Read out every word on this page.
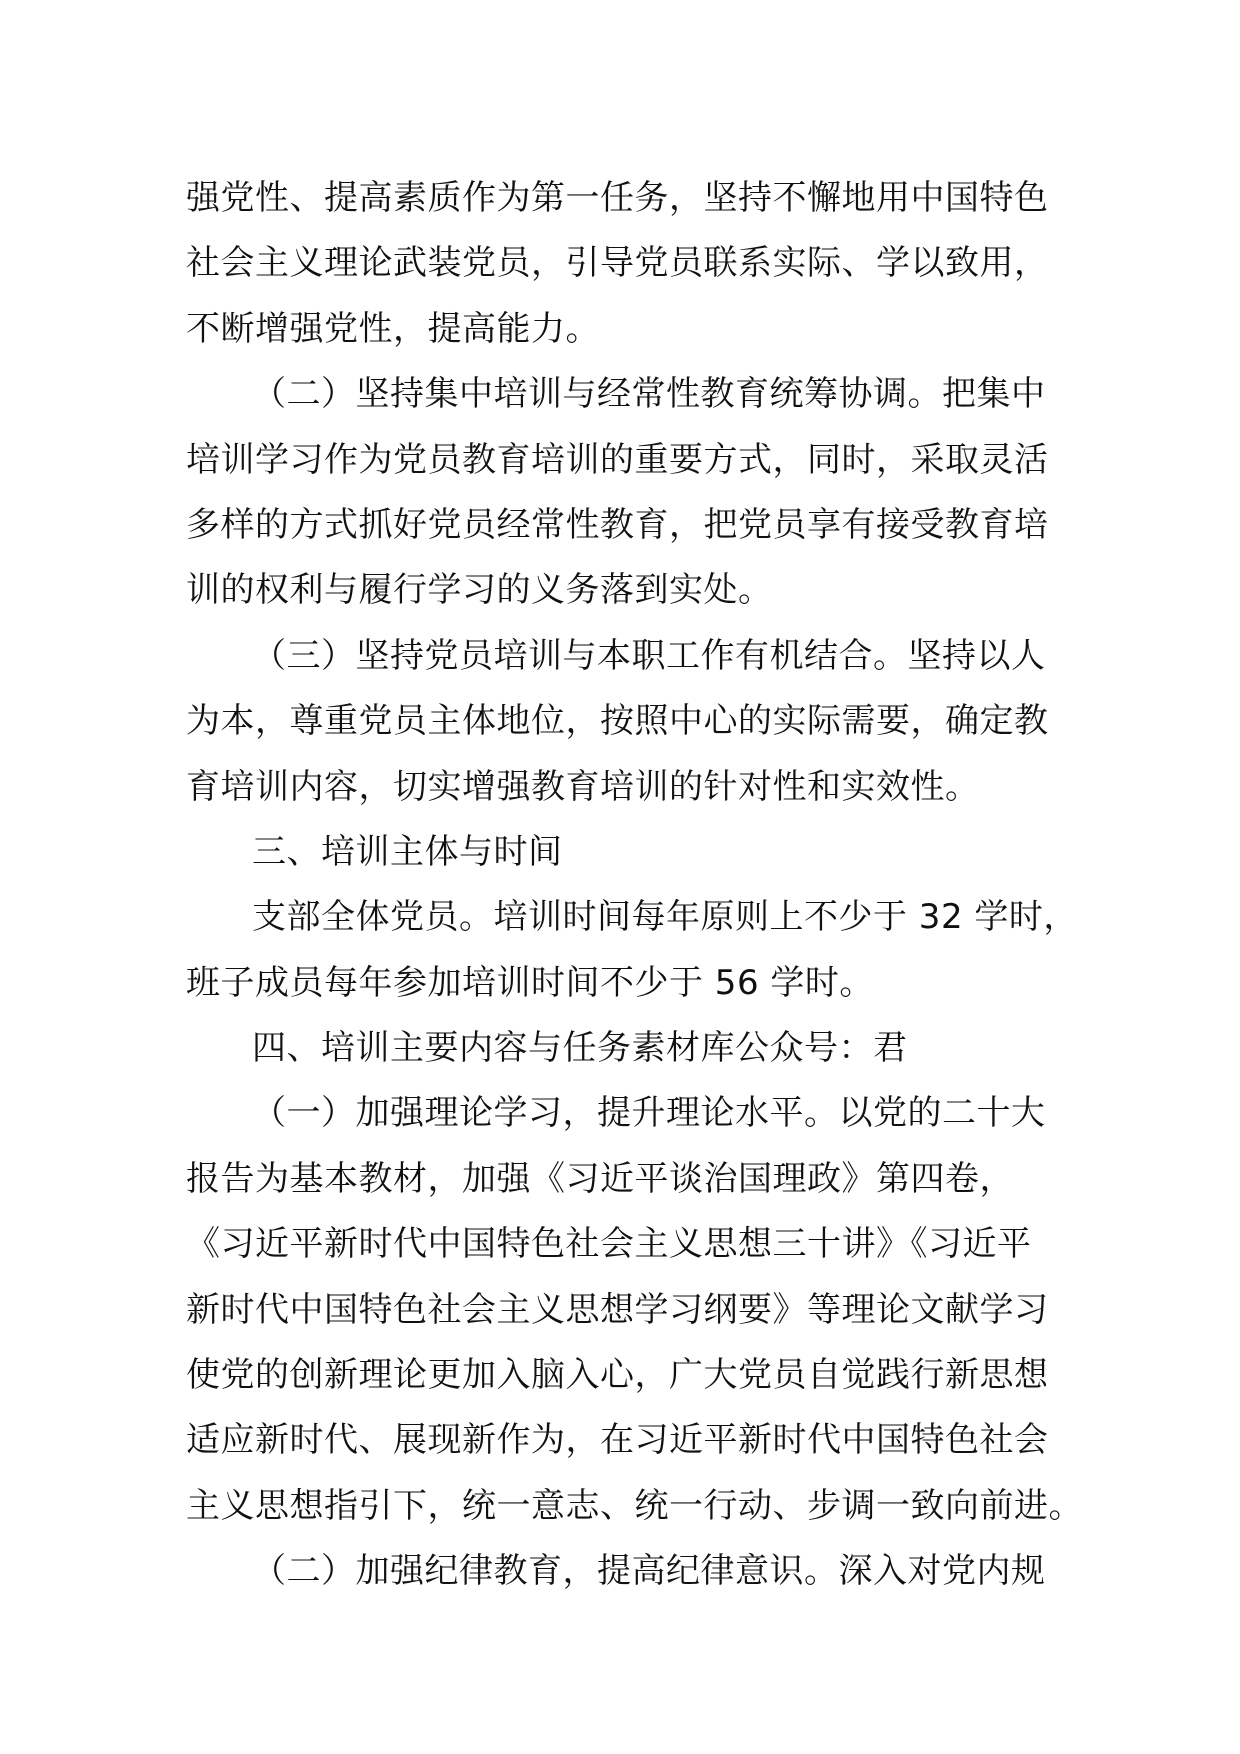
强党性、提高素质作为第一任务，坚持不懈地用中国特色
社会主义理论武装党员，引导党员联系实际、学以致用，
不断增强党性，提高能力。
（二）坚持集中培训与经常性教育统筹协调。把集中
培训学习作为党员教育培训的重要方式，同时，采取灵活
多样的方式抓好党员经常性教育，把党员享有接受教育培
训的权利与履行学习的义务落到实处。
（三）坚持党员培训与本职工作有机结合。坚持以人
为本，尊重党员主体地位，按照中心的实际需要，确定教
育培训内容，切实增强教育培训的针对性和实效性。
三、培训主体与时间
支部全体党员。培训时间每年原则上不少于 32 学时，
班子成员每年参加培训时间不少于 56 学时。
四、培训主要内容与任务素材库公众号：君
（一）加强理论学习，提升理论水平。以党的二十大
报告为基本教材，加强《习近平谈治国理政》第四卷，
《习近平新时代中国特色社会主义思想三十讲》《习近平
新时代中国特色社会主义思想学习纲要》等理论文献学习
使党的创新理论更加入脑入心，广大党员自觉践行新思想
适应新时代、展现新作为，在习近平新时代中国特色社会
主义思想指引下，统一意志、统一行动、步调一致向前进。
（二）加强纪律教育，提高纪律意识。深入对党内规
